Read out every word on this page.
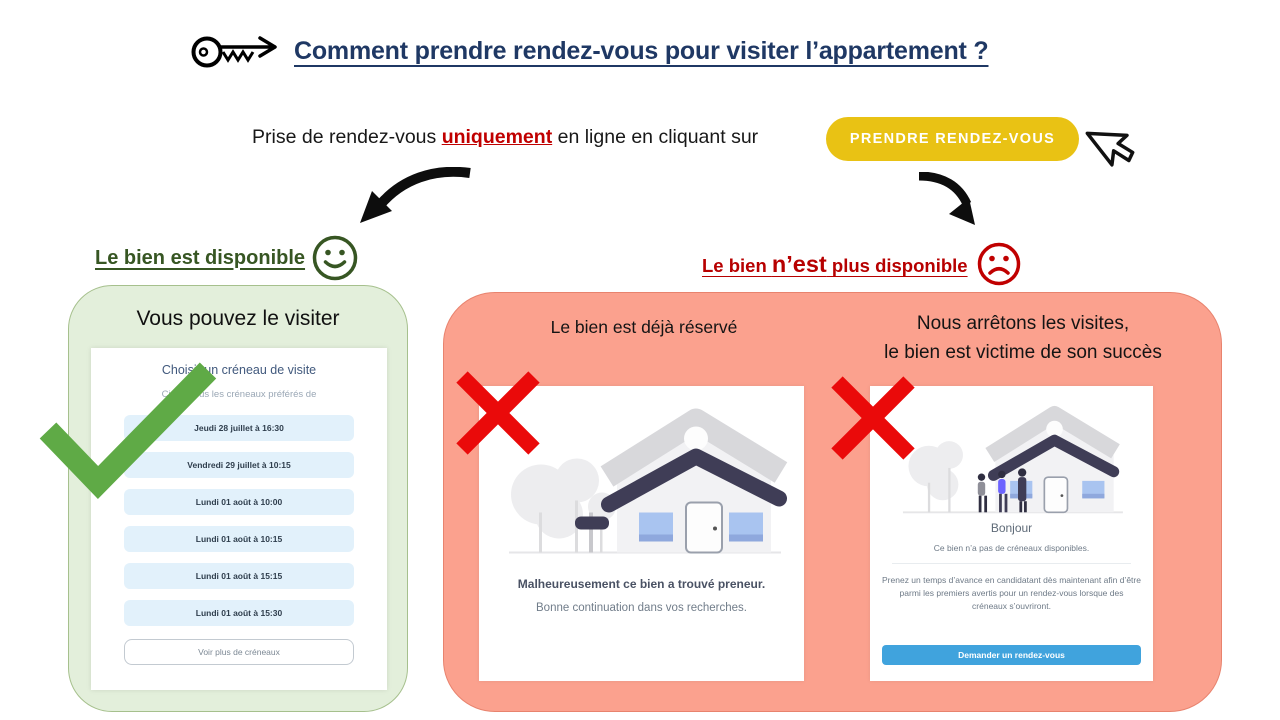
Comment prendre rendez-vous pour visiter l’appartement ?
Prise de rendez-vous uniquement en ligne en cliquant sur	PRENDRE RENDEZ-VOUS
Le bien est disponible
Vous pouvez le visiter
Choisir un créneau de visite
Ci-dessous les créneaux préférés de
Jeudi 28 juillet à 16:30
Vendredi 29 juillet à 10:15
Lundi 01 août à 10:00
Lundi 01 août à 10:15
Lundi 01 août à 15:15
Lundi 01 août à 15:30
Voir plus de créneaux
Le bien n’est plus disponible
Le bien est déjà réservé	Nous arrêtons les visites,
le bien est victime de son succès
Malheureusement ce bien a trouvé preneur.
Bonne continuation dans vos recherches.
Bonjour
Ce bien n’a pas de créneaux disponibles.
Prenez un temps d’avance en candidatant dès maintenant afin d’être parmi les premiers avertis pour un rendez-vous lorsque des créneaux s’ouvriront.
Demander un rendez-vous
